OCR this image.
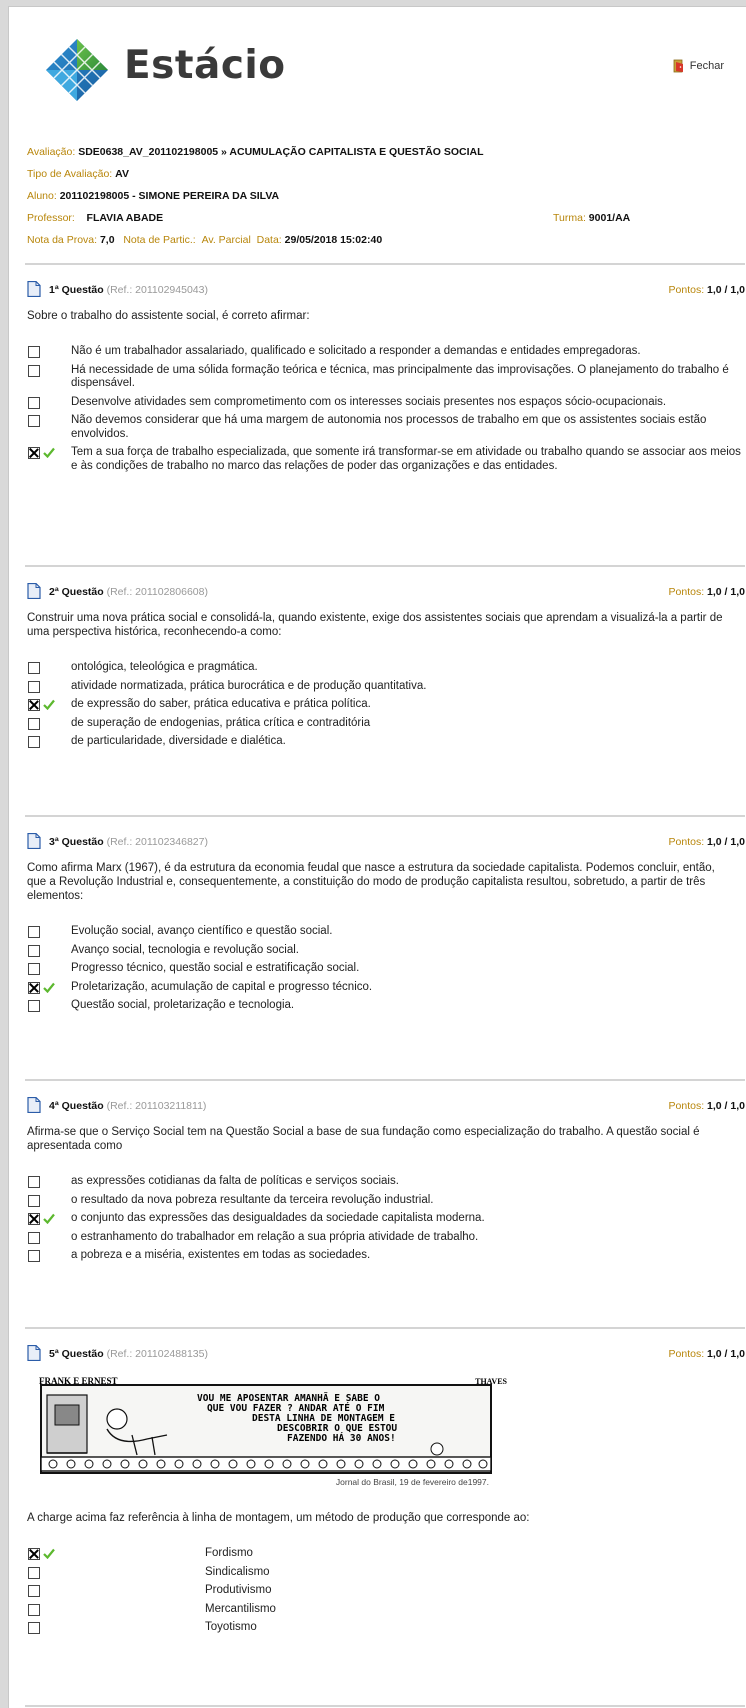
Estácio	Fechar
Avaliação: SDE0638_AV_201102198005 » ACUMULAÇÃO CAPITALISTA E QUESTÃO SOCIAL
Tipo de Avaliação: AV
Aluno: 201102198005 - SIMONE PEREIRA DA SILVA
Professor: FLAVIA ABADE	Turma: 9001/AA
Nota da Prova: 7,0 Nota de Partic.: Av. Parcial Data: 29/05/2018 15:02:40
1ª Questão (Ref.: 201102945043)	Pontos: 1,0 / 1,0
Sobre o trabalho do assistente social, é correto afirmar:
Não é um trabalhador assalariado, qualificado e solicitado a responder a demandas e entidades empregadoras.
Há necessidade de uma sólida formação teórica e técnica, mas principalmente das improvisações. O planejamento do trabalho é dispensável.
Desenvolve atividades sem comprometimento com os interesses sociais presentes nos espaços sócio-ocupacionais.
Não devemos considerar que há uma margem de autonomia nos processos de trabalho em que os assistentes sociais estão envolvidos.
Tem a sua força de trabalho especializada, que somente irá transformar-se em atividade ou trabalho quando se associar aos meios e às condições de trabalho no marco das relações de poder das organizações e das entidades.
2ª Questão (Ref.: 201102806608)	Pontos: 1,0 / 1,0
Construir uma nova prática social e consolidá-la, quando existente, exige dos assistentes sociais que aprendam a visualizá-la a partir de uma perspectiva histórica, reconhecendo-a como:
ontológica, teleológica e pragmática.
atividade normatizada, prática burocrática e de produção quantitativa.
de expressão do saber, prática educativa e prática política.
de superação de endogenias, prática crítica e contraditória
de particularidade, diversidade e dialética.
3ª Questão (Ref.: 201102346827)	Pontos: 1,0 / 1,0
Como afirma Marx (1967), é da estrutura da economia feudal que nasce a estrutura da sociedade capitalista. Podemos concluir, então, que a Revolução Industrial e, consequentemente, a constituição do modo de produção capitalista resultou, sobretudo, a partir de três elementos:
Evolução social, avanço científico e questão social.
Avanço social, tecnologia e revolução social.
Progresso técnico, questão social e estratificação social.
Proletarização, acumulação de capital e progresso técnico.
Questão social, proletarização e tecnologia.
4ª Questão (Ref.: 201103211811)	Pontos: 1,0 / 1,0
Afirma-se que o Serviço Social tem na Questão Social a base de sua fundação como especialização do trabalho. A questão social é apresentada como
as expressões cotidianas da falta de políticas e serviços sociais.
o resultado da nova pobreza resultante da terceira revolução industrial.
o conjunto das expressões das desigualdades da sociedade capitalista moderna.
o estranhamento do trabalhador em relação a sua própria atividade de trabalho.
a pobreza e a miséria, existentes em todas as sociedades.
5ª Questão (Ref.: 201102488135)	Pontos: 1,0 / 1,0
FRANK E ERNEST	THAVES
VOU ME APOSENTAR AMANHÃ E SABE O
QUE VOU FAZER ? ANDAR ATÉ O FIM
DESTA LINHA DE MONTAGEM E
DESCOBRIR O QUE ESTOU
FAZENDO HÁ 30 ANOS!
Jornal do Brasil, 19 de fevereiro de1997.
A charge acima faz referência à linha de montagem, um método de produção que corresponde ao:
Fordismo
Sindicalismo
Produtivismo
Mercantilismo
Toyotismo
